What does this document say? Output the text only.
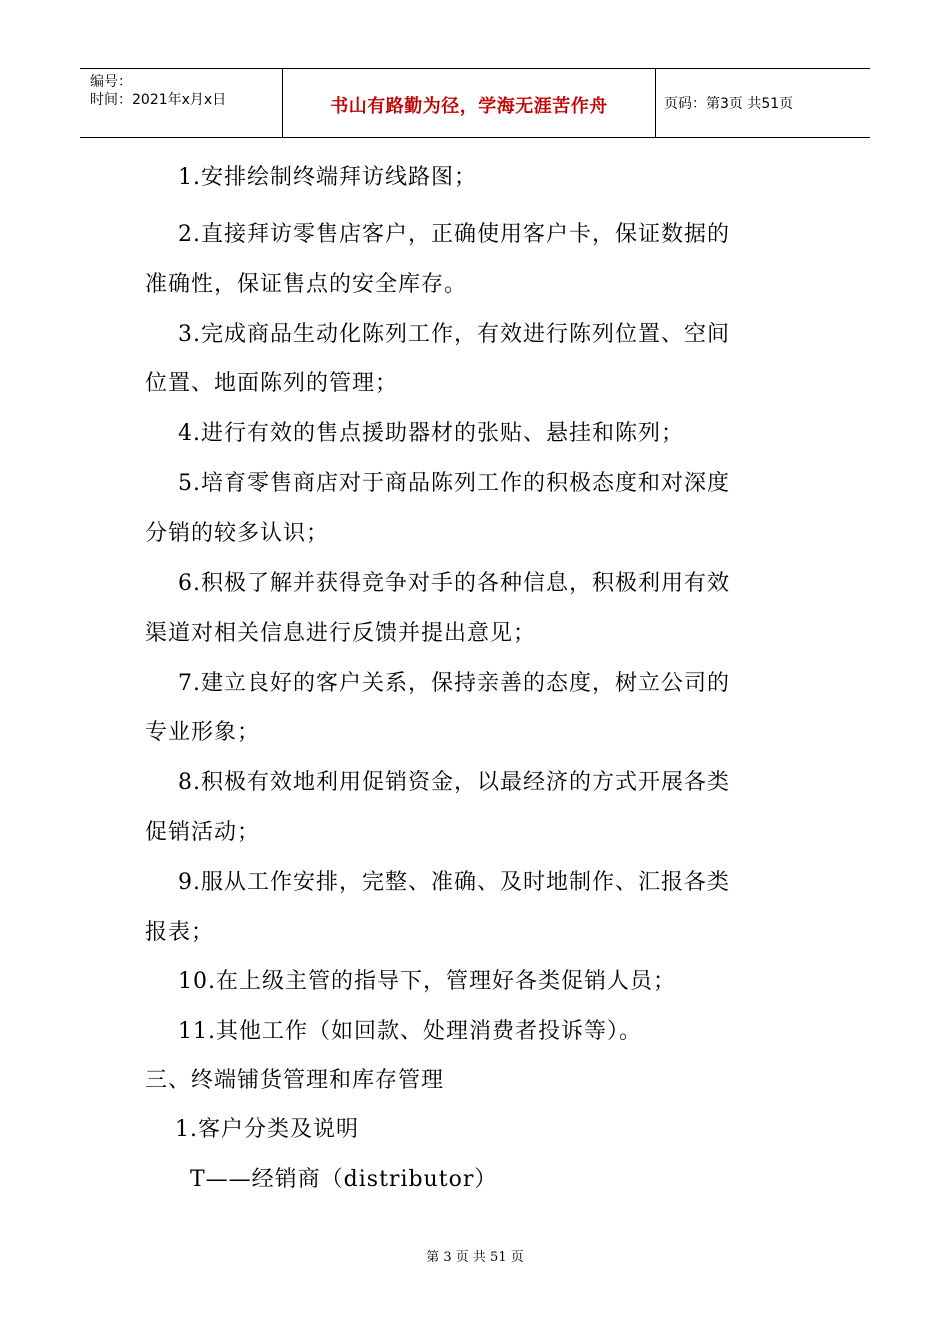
编号：
时间：2021年x月x日	书山有路勤为径，学海无涯苦作舟	页码：第3页 共51页
1.安排绘制终端拜访线路图；
2.直接拜访零售店客户，正确使用客户卡，保证数据的
准确性，保证售点的安全库存。
3.完成商品生动化陈列工作，有效进行陈列位置、空间
位置、地面陈列的管理；
4.进行有效的售点援助器材的张贴、悬挂和陈列；
5.培育零售商店对于商品陈列工作的积极态度和对深度
分销的较多认识；
6.积极了解并获得竞争对手的各种信息，积极利用有效
渠道对相关信息进行反馈并提出意见；
7.建立良好的客户关系，保持亲善的态度，树立公司的
专业形象；
8.积极有效地利用促销资金，以最经济的方式开展各类
促销活动；
9.服从工作安排，完整、准确、及时地制作、汇报各类
报表；
10.在上级主管的指导下，管理好各类促销人员；
11.其他工作（如回款、处理消费者投诉等）。
三、终端铺货管理和库存管理
1.客户分类及说明
T——经销商（distributor）
第 3 页 共 51 页
